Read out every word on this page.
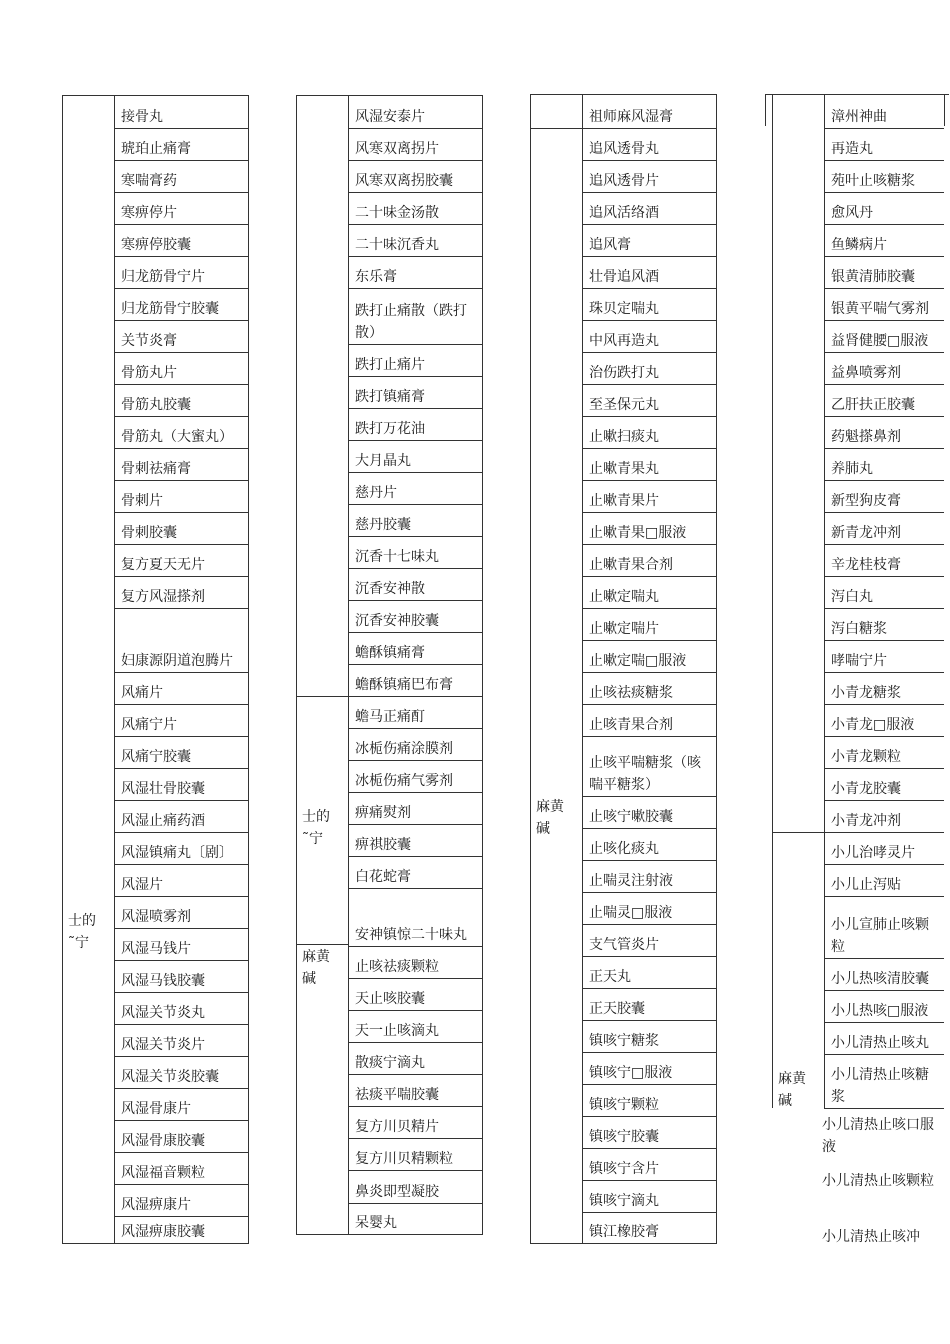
接骨丸
琥珀止痛膏
寒喘膏药
寒痹停片
寒痹停胶囊
归龙筋骨宁片
归龙筋骨宁胶囊
关节炎膏
骨筋丸片
骨筋丸胶囊
骨筋丸（大蜜丸）
骨刺祛痛膏
骨刺片
骨刺胶囊
复方夏天无片
复方风湿搽剂
妇康源阴道泡腾片
风痛片
风痛宁片
风痛宁胶囊
风湿壮骨胶囊
风湿止痛药酒
风湿镇痛丸〔剧〕
风湿片
风湿喷雾剂
风湿马钱片
风湿马钱胶囊
风湿关节炎丸
风湿关节炎片
风湿关节炎胶囊
风湿骨康片
风湿骨康胶囊
风湿福音颗粒
风湿痹康片
风湿痹康胶囊
士的
˜宁
风湿安泰片
风寒双离拐片
风寒双离拐胶囊
二十味金汤散
二十味沉香丸
东乐膏
跌打止痛散（跌打散）
跌打止痛片
跌打镇痛膏
跌打万花油
大月晶丸
慈丹片
慈丹胶囊
沉香十七味丸
沉香安神散
沉香安神胶囊
蟾酥镇痛膏
蟾酥镇痛巴布膏
蟾马正痛酊
冰栀伤痛涂膜剂
冰栀伤痛气雾剂
痹痛熨剂
痹祺胶囊
白花蛇膏
安神镇惊二十味丸
止咳祛痰颗粒
天止咳胶囊
天一止咳滴丸
散痰宁滴丸
祛痰平喘胶囊
复方川贝精片
复方川贝精颗粒
鼻炎即型凝胶
呆婴丸
士的
˜宁
麻黄
碱
祖师麻风湿膏
追风透骨丸
追风透骨片
追风活络酒
追风膏
壮骨追风酒
珠贝定喘丸
中风再造丸
治伤跌打丸
至圣保元丸
止嗽扫痰丸
止嗽青果丸
止嗽青果片
止嗽青果□服液
止嗽青果合剂
止嗽定喘丸
止嗽定喘片
止嗽定喘□服液
止咳祛痰糖浆
止咳青果合剂
止咳平喘糖浆（咳喘平糖浆）
止咳宁嗽胶囊
止咳化痰丸
止喘灵注射液
止喘灵□服液
支气管炎片
正天丸
正天胶囊
镇咳宁糖浆
镇咳宁□服液
镇咳宁颗粒
镇咳宁胶囊
镇咳宁含片
镇咳宁滴丸
镇江橡胶膏
麻黄
碱
漳州神曲
再造丸
苑叶止咳糖浆
愈风丹
鱼鳞病片
银黄清肺胶囊
银黄平喘气雾剂
益肾健腰□服液
益鼻喷雾剂
乙肝扶正胶囊
药魁搽鼻剂
养肺丸
新型狗皮膏
新青龙冲剂
辛龙桂枝膏
泻白丸
泻白糖浆
哮喘宁片
小青龙糖浆
小青龙□服液
小青龙颗粒
小青龙胶囊
小青龙冲剂
小儿治哮灵片
小儿止泻贴
小儿宣肺止咳颗粒
小儿热咳清胶囊
小儿热咳□服液
小儿清热止咳丸
小儿清热止咳糖浆
麻黄
碱
小儿清热止咳口服液
小儿清热止咳颗粒
小儿清热止咳冲
